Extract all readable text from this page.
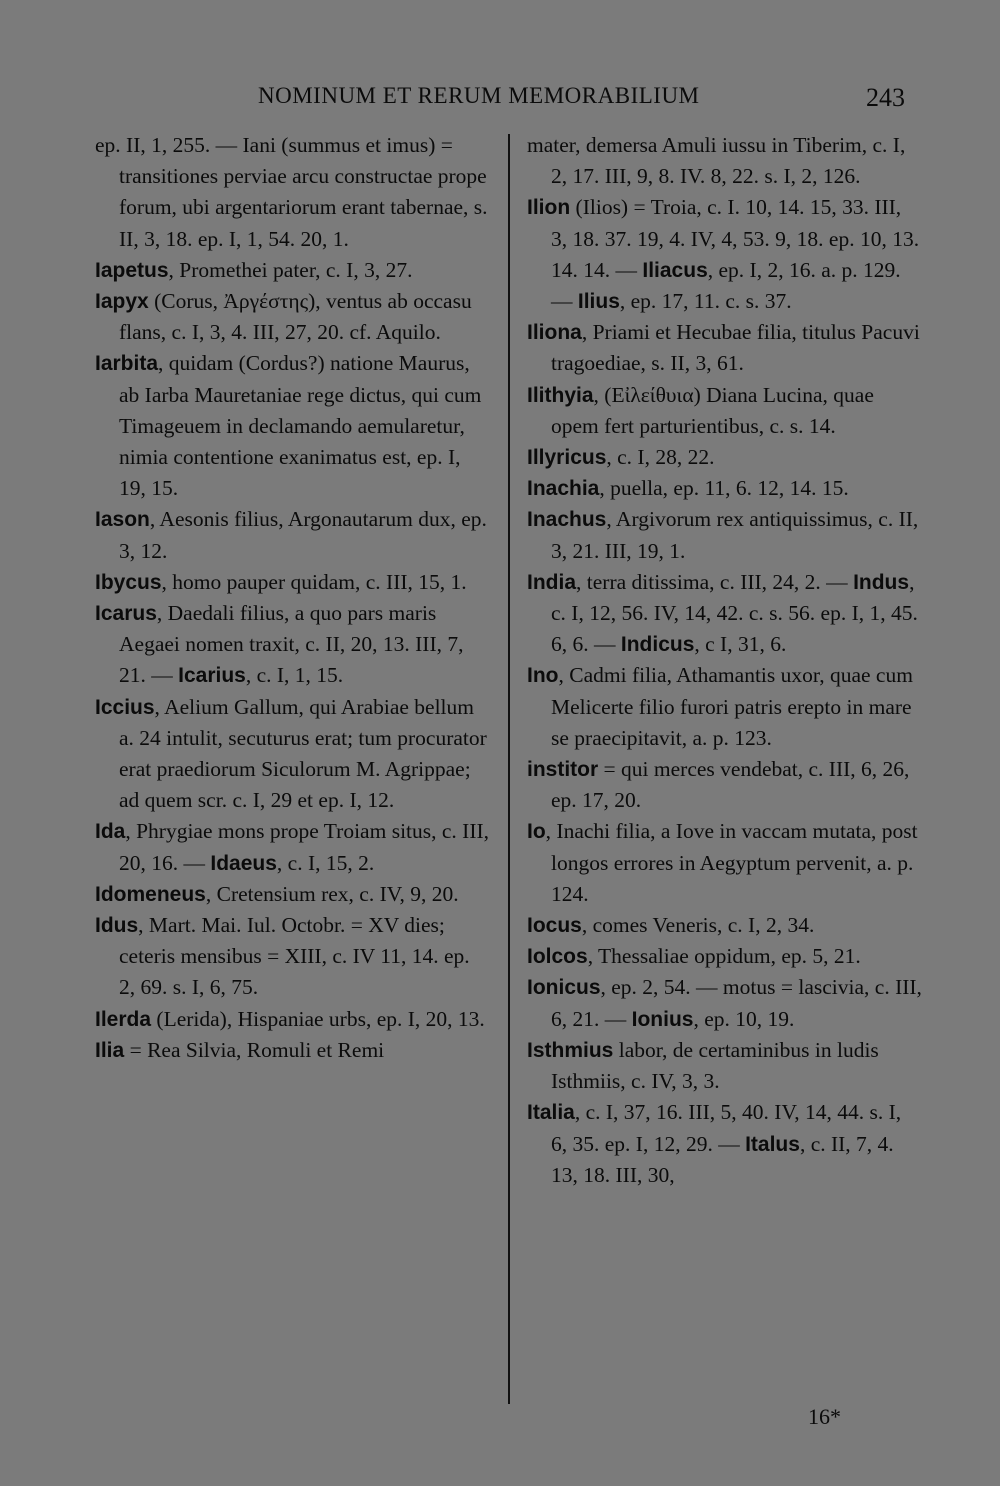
NOMINUM ET RERUM MEMORABILIUM	243
ep. II, 1, 255. — Iani (summus et imus) = transitiones perviae arcu constructae prope forum, ubi argentariorum erant tabernae, s. II, 3, 18. ep. I, 1, 54. 20, 1.
Iapetus, Promethei pater, c. I, 3, 27.
Iapyx (Corus, Ἀργέστης), ventus ab occasu flans, c. I, 3, 4. III, 27, 20. cf. Aquilo.
Iarbita, quidam (Cordus?) natione Maurus, ab Iarba Mauretaniae rege dictus, qui cum Timageuem in declamando aemularetur, nimia contentione exanimatus est, ep. I, 19, 15.
Iason, Aesonis filius, Argonautarum dux, ep. 3, 12.
Ibycus, homo pauper quidam, c. III, 15, 1.
Icarus, Daedali filius, a quo pars maris Aegaei nomen traxit, c. II, 20, 13. III, 7, 21. — Icarius, c. I, 1, 15.
Iccius, Aelium Gallum, qui Arabiae bellum a. 24 intulit, secuturus erat; tum procurator erat praediorum Siculorum M. Agrippae; ad quem scr. c. I, 29 et ep. I, 12.
Ida, Phrygiae mons prope Troiam situs, c. III, 20, 16. — Idaeus, c. I, 15, 2.
Idomeneus, Cretensium rex, c. IV, 9, 20.
Idus, Mart. Mai. Iul. Octobr. = XV dies; ceteris mensibus = XIII, c. IV 11, 14. ep. 2, 69. s. I, 6, 75.
Ilerda (Lerida), Hispaniae urbs, ep. I, 20, 13.
Ilia = Rea Silvia, Romuli et Remi
mater, demersa Amuli iussu in Tiberim, c. I, 2, 17. III, 9, 8. IV. 8, 22. s. I, 2, 126.
Ilion (Ilios) = Troia, c. I. 10, 14. 15, 33. III, 3, 18. 37. 19, 4. IV, 4, 53. 9, 18. ep. 10, 13. 14. 14. — Iliacus, ep. I, 2, 16. a. p. 129. — Ilius, ep. 17, 11. c. s. 37.
Iliona, Priami et Hecubae filia, titulus Pacuvi tragoediae, s. II, 3, 61.
Ilithyia, (Εἰλείθυια) Diana Lucina, quae opem fert parturientibus, c. s. 14.
Illyricus, c. I, 28, 22.
Inachia, puella, ep. 11, 6. 12, 14. 15.
Inachus, Argivorum rex antiquissimus, c. II, 3, 21. III, 19, 1.
India, terra ditissima, c. III, 24, 2. — Indus, c. I, 12, 56. IV, 14, 42. c. s. 56. ep. I, 1, 45. 6, 6. — Indicus, c I, 31, 6.
Ino, Cadmi filia, Athamantis uxor, quae cum Melicerte filio furori patris erepto in mare se praecipitavit, a. p. 123.
institor = qui merces vendebat, c. III, 6, 26, ep. 17, 20.
Io, Inachi filia, a Iove in vaccam mutata, post longos errores in Aegyptum pervenit, a. p. 124.
Iocus, comes Veneris, c. I, 2, 34.
Iolcos, Thessaliae oppidum, ep. 5, 21.
Ionicus, ep. 2, 54. — motus = lascivia, c. III, 6, 21. — Ionius, ep. 10, 19.
Isthmius labor, de certaminibus in ludis Isthmiis, c. IV, 3, 3.
Italia, c. I, 37, 16. III, 5, 40. IV, 14, 44. s. I, 6, 35. ep. I, 12, 29. — Italus, c. II, 7, 4. 13, 18. III, 30,
16*
